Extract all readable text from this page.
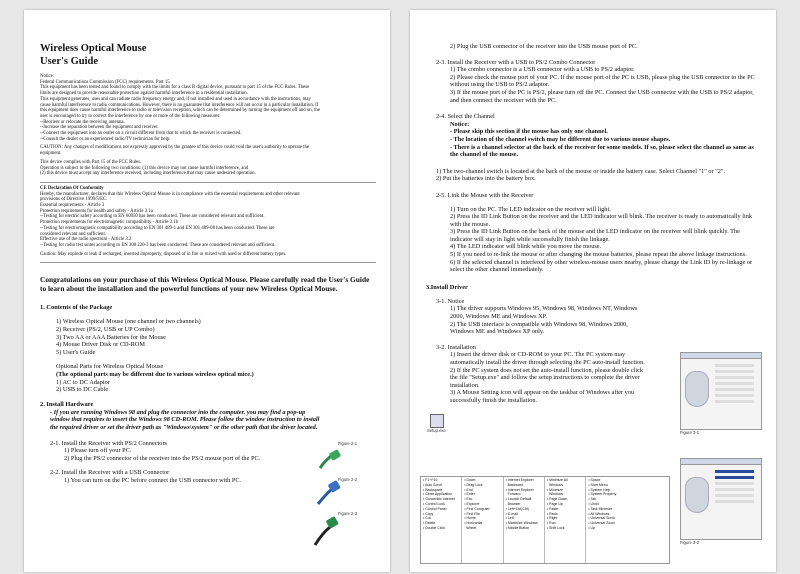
Wireless Optical Mouse
User's Guide
Notice:
Federal Communications Commission (FCC) requirements, Part 15
This equipment has been tested and found to comply with the limits for a class B digital device, pursuant to part 15 of the FCC Rules. These
limits are designed to provide reasonable protection against harmful interference in a residential installation.
This equipment generates, uses and can radiate radio frequency energy and, if not installed and used in accordance with the instructions, may
cause harmful interference to radio communications. However, there is no guarantee that interference will not occur in a particular installation. If
this equipment does cause harmful interference to radio or television reception, which can be determined by turning the equipment off and on, the
user is encouraged to try to correct the interference by one or more of the following measures:
--Reorient or relocate the receiving antenna.
--Increase the separation between the equipment and receiver.
--Connect the equipment into an outlet on a circuit different from that to which the receiver is connected.
--Consult the dealer or an experienced radio/TV technician for help.
CAUTION: Any changes of modifications not expressly approved by the grantee of this device could void the user's authority to operate the
equipment.
This device complies with Part 15 of the FCC Rules.
Operation is subject to the following two conditions: (1) this device may not cause harmful interference, and
(2) this device must accept any interference received, including interference that may cause undesired operation.
CE Declaration Of Conformity
Hereby, the manufacturer, declares that this Wireless Optical Mouse is in compliance with the essential requirements and other relevant
provisions of Directive 1999/5/EC.
Essential requirements - Article 3
Protection requirements for health and safety - Article 3.1a
--Testing for electric safety according to EN 60950 has been conducted. These are considered relevant and sufficient.
Protection requirements for electromagnetic compatibility - Article 3.1b
--Testing for electromagnetic compatibility according to EN 301 489-1 and EN 301 489-08 has been conducted. These are
considered relevant and sufficient.
Effective use of the radio spectrum - Article 3.2
--Testing for radio test suites according to EN 300 220-3 has been conducted. These are considered relevant and sufficient.
Caution: May explode or leak if recharged, inserted improperly, disposed of in fire or mixed with used or different battery types.
Congratulations on your purchase of this Wireless Optical Mouse. Please carefully read the User's Guide to learn about the installation and the powerful functions of your new Wireless Optical Mouse.
1. Contents of the Package
1) Wireless Optical Mouse (one channel or two channels)
2) Receiver (PS/2, USB or UP Combo)
3) Two AA or AAA Batteries for the Mouse
4) Mouse Driver Disk or CD-ROM
5) User's Guide
Optional Parts for Wireless Optical Mouse
(The optional parts may be different due to various wireless optical mice.)
1) AC to DC Adaptor
2) USB to DC Cable
2. Install Hardware
- If you are running Windows 98 and plug the connector into the computer, you may find a pop-up window that requires to insert the Windows 98 CD-ROM. Please follow the window instruction to install the required driver or set the driver path as "Windows\system" or the other path that the driver located.
2-1. Install the Receiver with PS/2 Connectors
1) Please turn off your PC.
2) Plug the PS/2 connector of the receiver into the PS/2 mouse port of the PC.
2-2. Install the Receiver with a USB Connector
1) You can turn on the PC before connect the USB connector with PC.
Figure 2-1
Figure 2-2
Figure 2-3
2) Plug the USB connector of the receiver into the USB mouse port of PC.
2-3. Install the Receiver with a USB to PS/2 Combo Connector
1) The combo connector is a USB connector with a USB to PS/2 adaptor.
2) Please check the mouse port of your PC. If the mouse port of the PC is USB, please plug the USB connector to the PC without using the USB to PS/2 adaptor.
3) If the mouse port of the PC is PS/2, please turn off the PC. Connect the USB connector with the USB to PS/2 adaptor, and then connect the receiver with the PC.
2-4. Select the Channel
Notice:
- Please skip this section if the mouse has only one channel.
- The location of the channel switch may be different due to various mouse shapes.
- There is a channel selector at the back of the receiver for some models. If so, please select the channel as same as the channel of the mouse.
1) The two-channel switch is located at the back of the mouse or inside the battery case. Select Channel "1" or "2".
2) Put the batteries into the battery box.
2-5. Link the Mouse with the Receiver
1) Turn on the PC. The LED indicator on the receiver will light.
2) Press the ID Link Button on the receiver and the LED indicator will blink. The receiver is ready to automatically link with the mouse.
3) Press the ID Link Button on the back of the mouse and the LED indicator on the receiver will blink quickly. The indicator will stay in light while successfully finish the linkage.
4) The LED indicator will blink while you move the mouse.
5) If you need to re-link the mouse or after changing the mouse batteries, please repeat the above linkage instructions.
6) If the selected channel is interfered by other wireless-mouse users nearby, please change the Link ID by re-linkage or select the other channel immediately.
3.Install Driver
3-1. Notice
1) The driver supports Windows 95, Windows 98, Windows NT, Windows 2000, Windows ME and Windows XP.
2) The USB interface is compatible with Windows 98, Windows 2000, Windows ME and Windows XP only.
3-2. Installation
1) Insert the driver disk or CD-ROM to your PC. The PC system may automatically install the driver through selecting the PC auto-install function.
2) If the PC system does not set the auto-install function, please double click the file "Setup.exe" and follow the setup instructions to complete the driver installation.
3) A Mouse Setting icon will appear on the taskbar of Windows after you successfully finish the installation.
Setup.exe	Figure 3-1
Figure 3-2
• F1~F10
• Auto Scroll
• Backspace
• Close Application
• Concentric Internet
• Control Lock
• Control Panel
• Copy
• Cut
• Delete
• Double Click
• Down
• Drag Lock
• End
• Enter
• Esc
• Explorer
• Find Computer
• Find File
• Home
• Horizontal
Wheel
• Internet Explorer
Backward
• Internet Explorer
Forward
• Launch Default
Browser
• Left+Ctrl(Ctrl)
• E-mail
• Left
• Maximize Windows
• Middle Button
• Minimize All
Windows
• Minimize
Windows
• Page Down
• Page Up
• Paste
• Redo
• Right
• Run
• Shift Lock
• Space
• Start Menu
• System Help
• System Property
• Tab
• Undo
• Task Minimize
• All Windows
• Universal Scroll
• Universal Zoom
• Up
